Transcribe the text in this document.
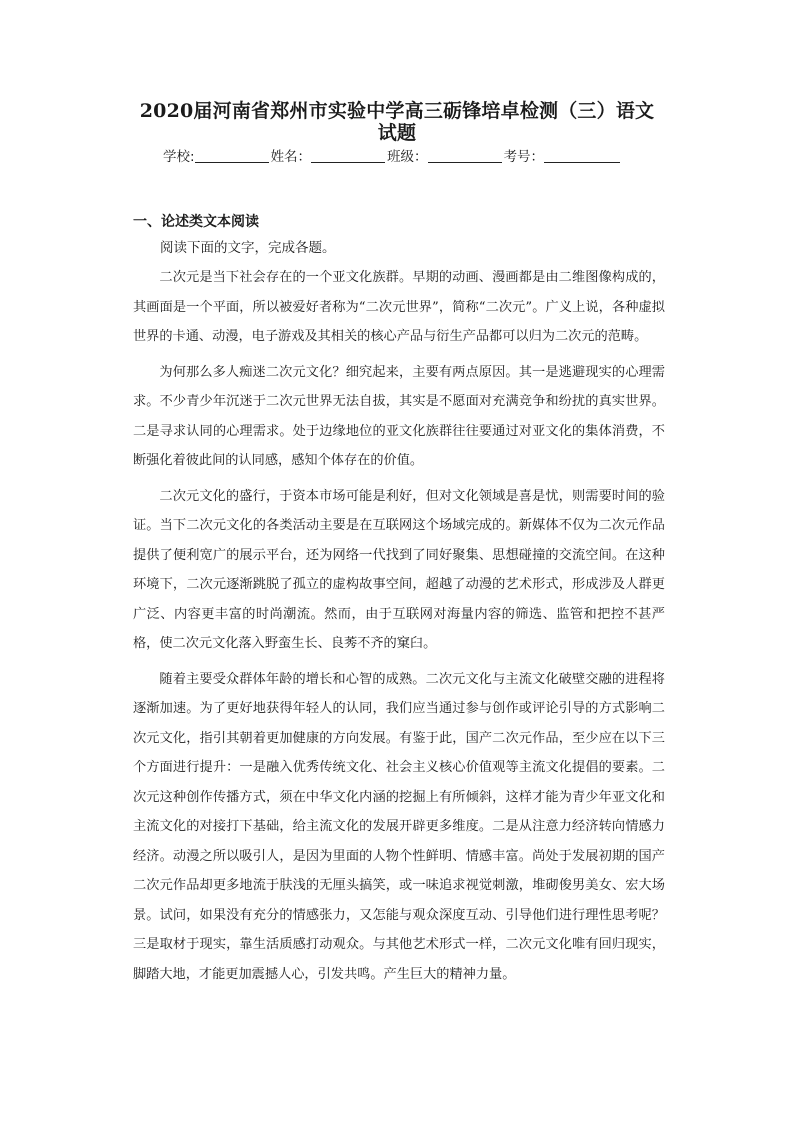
2020届河南省郑州市实验中学高三砺锋培卓检测（三）语文
试题
学校:	姓名：	班级：	考号：
一、论述类文本阅读
阅读下面的文字，完成各题。

二次元是当下社会存在的一个亚文化族群。早期的动画、漫画都是由二维图像构成的，其画面是一个平面，所以被爱好者称为“二次元世界”，简称“二次元”。广义上说，各种虚拟世界的卡通、动漫，电子游戏及其相关的核心产品与衍生产品都可以归为二次元的范畴。

为何那么多人痴迷二次元文化？细究起来，主要有两点原因。其一是逃避现实的心理需求。不少青少年沉迷于二次元世界无法自拔，其实是不愿面对充满竞争和纷扰的真实世界。二是寻求认同的心理需求。处于边缘地位的亚文化族群往往要通过对亚文化的集体消费，不断强化着彼此间的认同感，感知个体存在的价值。

二次元文化的盛行，于资本市场可能是利好，但对文化领域是喜是忧，则需要时间的验证。当下二次元文化的各类活动主要是在互联网这个场域完成的。新媒体不仅为二次元作品提供了便利宽广的展示平台，还为网络一代找到了同好聚集、思想碰撞的交流空间。在这种环境下，二次元逐渐跳脱了孤立的虚构故事空间，超越了动漫的艺术形式，形成涉及人群更广泛、内容更丰富的时尚潮流。然而，由于互联网对海量内容的筛选、监管和把控不甚严格，使二次元文化落入野蛮生长、良莠不齐的窠臼。

随着主要受众群体年龄的增长和心智的成熟。二次元文化与主流文化破壁交融的进程将逐渐加速。为了更好地获得年轻人的认同，我们应当通过参与创作或评论引导的方式影响二次元文化，指引其朝着更加健康的方向发展。有鉴于此，国产二次元作品，至少应在以下三个方面进行提升：一是融入优秀传统文化、社会主义核心价值观等主流文化提倡的要素。二次元这种创作传播方式，须在中华文化内涵的挖掘上有所倾斜，这样才能为青少年亚文化和主流文化的对接打下基础，给主流文化的发展开辟更多维度。二是从注意力经济转向情感力经济。动漫之所以吸引人，是因为里面的人物个性鲜明、情感丰富。尚处于发展初期的国产二次元作品却更多地流于肤浅的无厘头搞笑，或一味追求视觉刺激，堆砌俊男美女、宏大场景。试问，如果没有充分的情感张力，又怎能与观众深度互动、引导他们进行理性思考呢？三是取材于现实，靠生活质感打动观众。与其他艺术形式一样，二次元文化唯有回归现实，脚踏大地，才能更加震撼人心，引发共鸣。产生巨大的精神力量。
